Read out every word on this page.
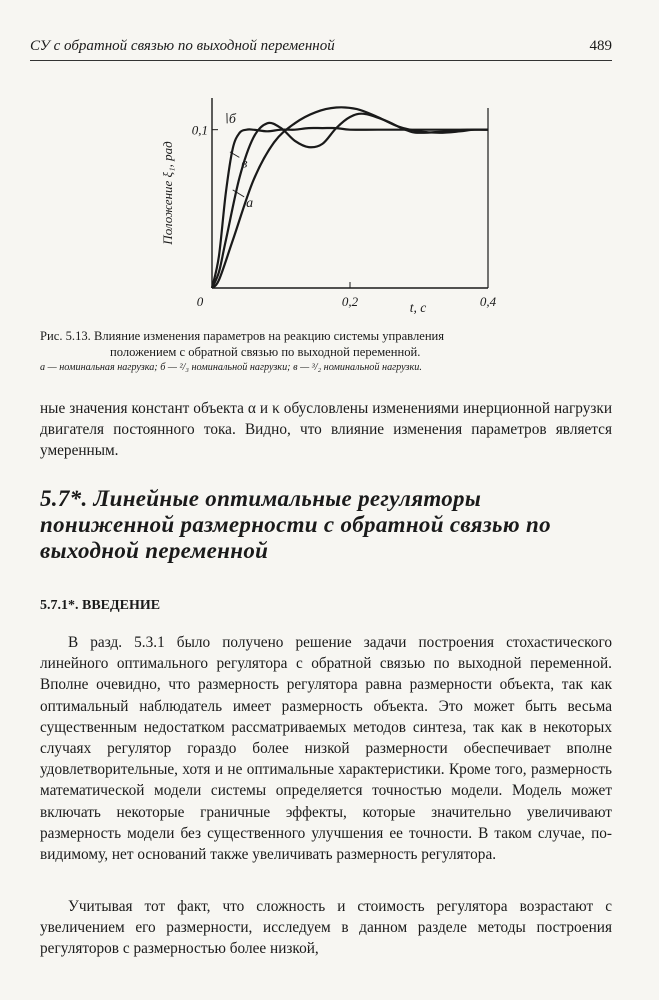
СУ с обратной связью по выходной переменной	489
0,2	0,4
0
0,1
t, c
Положение ξ₁, рад	а
б
в
Рис. 5.13. Влияние изменения параметров на реакцию системы управления
положением с обратной связью по выходной переменной.
а — номинальная нагрузка; б — ²/₃ номинальной нагрузки; в — ³/₂ номинальной нагрузки.

ные значения констант объекта α и κ обусловлены изменениями инерционной нагрузки двигателя постоянного тока. Видно, что влияние изменения параметров является умеренным.

5.7*. Линейные оптимальные регуляторы пониженной размерности с обратной связью по выходной переменной
5.7.1*. ВВЕДЕНИЕ

В разд. 5.3.1 было получено решение задачи построения стохастического линейного оптимального регулятора с обратной связью по выходной переменной. Вполне очевидно, что размерность регулятора равна размерности объекта, так как оптимальный наблюдатель имеет размерность объекта. Это может быть весьма существенным недостатком рассматриваемых методов синтеза, так как в некоторых случаях регулятор гораздо более низкой размерности обеспечивает вполне удовлетворительные, хотя и не оптимальные характеристики. Кроме того, размерность математической модели системы определяется точностью модели. Модель может включать некоторые граничные эффекты, которые значительно увеличивают размерность модели без существенного улучшения ее точности. В таком случае, по-видимому, нет оснований также увеличивать размерность регулятора.

Учитывая тот факт, что сложность и стоимость регулятора возрастают с увеличением его размерности, исследуем в данном разделе методы построения регуляторов с размерностью более низкой,
